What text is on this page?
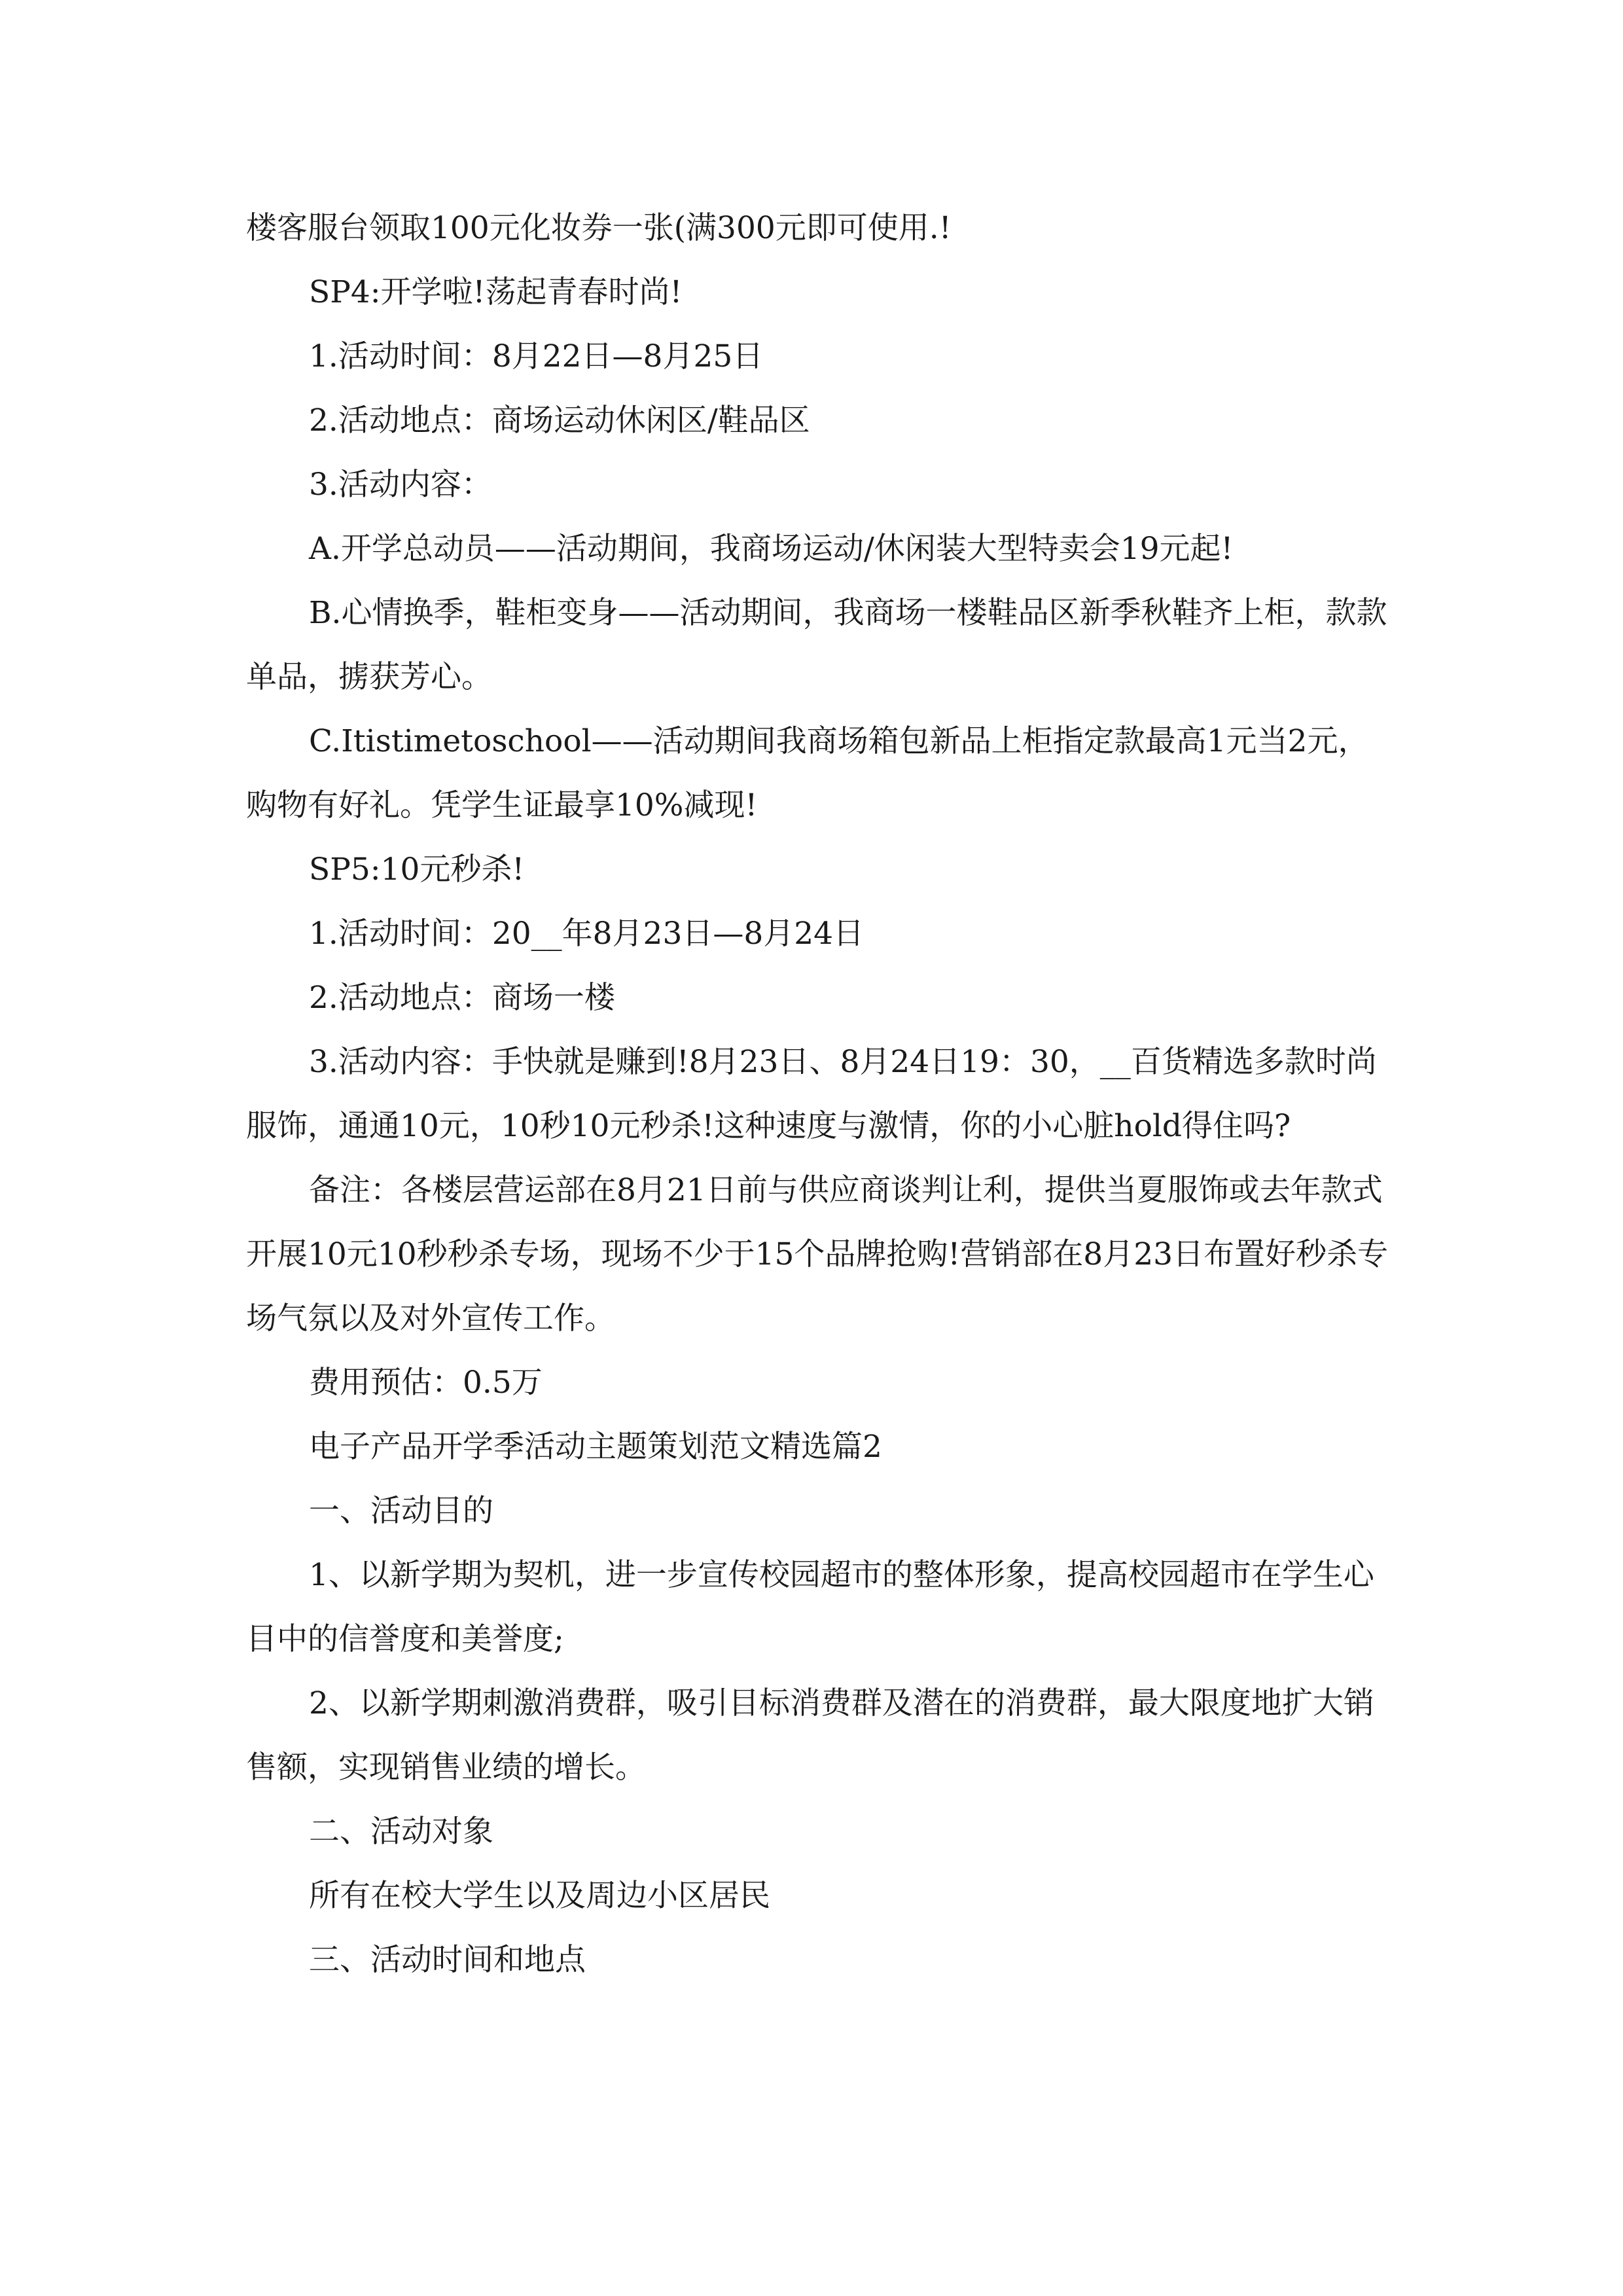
楼客服台领取100元化妆券一张(满300元即可使用.!

SP4:开学啦!荡起青春时尚!

1.活动时间：8月22日—8月25日

2.活动地点：商场运动休闲区/鞋品区

3.活动内容：

A.开学总动员——活动期间，我商场运动/休闲装大型特卖会19元起!

B.心情换季，鞋柜变身——活动期间，我商场一楼鞋品区新季秋鞋齐上柜，款款单品，掳获芳心。

C.Itistimetoschool——活动期间我商场箱包新品上柜指定款最高1元当2元，购物有好礼。凭学生证最享10%减现!

SP5:10元秒杀!

1.活动时间：20__年8月23日—8月24日

2.活动地点：商场一楼

3.活动内容：手快就是赚到!8月23日、8月24日19：30，__百货精选多款时尚服饰，通通10元，10秒10元秒杀!这种速度与激情，你的小心脏hold得住吗?

备注：各楼层营运部在8月21日前与供应商谈判让利，提供当夏服饰或去年款式开展10元10秒秒杀专场，现场不少于15个品牌抢购!营销部在8月23日布置好秒杀专场气氛以及对外宣传工作。

费用预估：0.5万

电子产品开学季活动主题策划范文精选篇2

一、活动目的

1、以新学期为契机，进一步宣传校园超市的整体形象，提高校园超市在学生心目中的信誉度和美誉度;

2、以新学期刺激消费群，吸引目标消费群及潜在的消费群，最大限度地扩大销售额，实现销售业绩的增长。

二、活动对象

所有在校大学生以及周边小区居民

三、活动时间和地点
